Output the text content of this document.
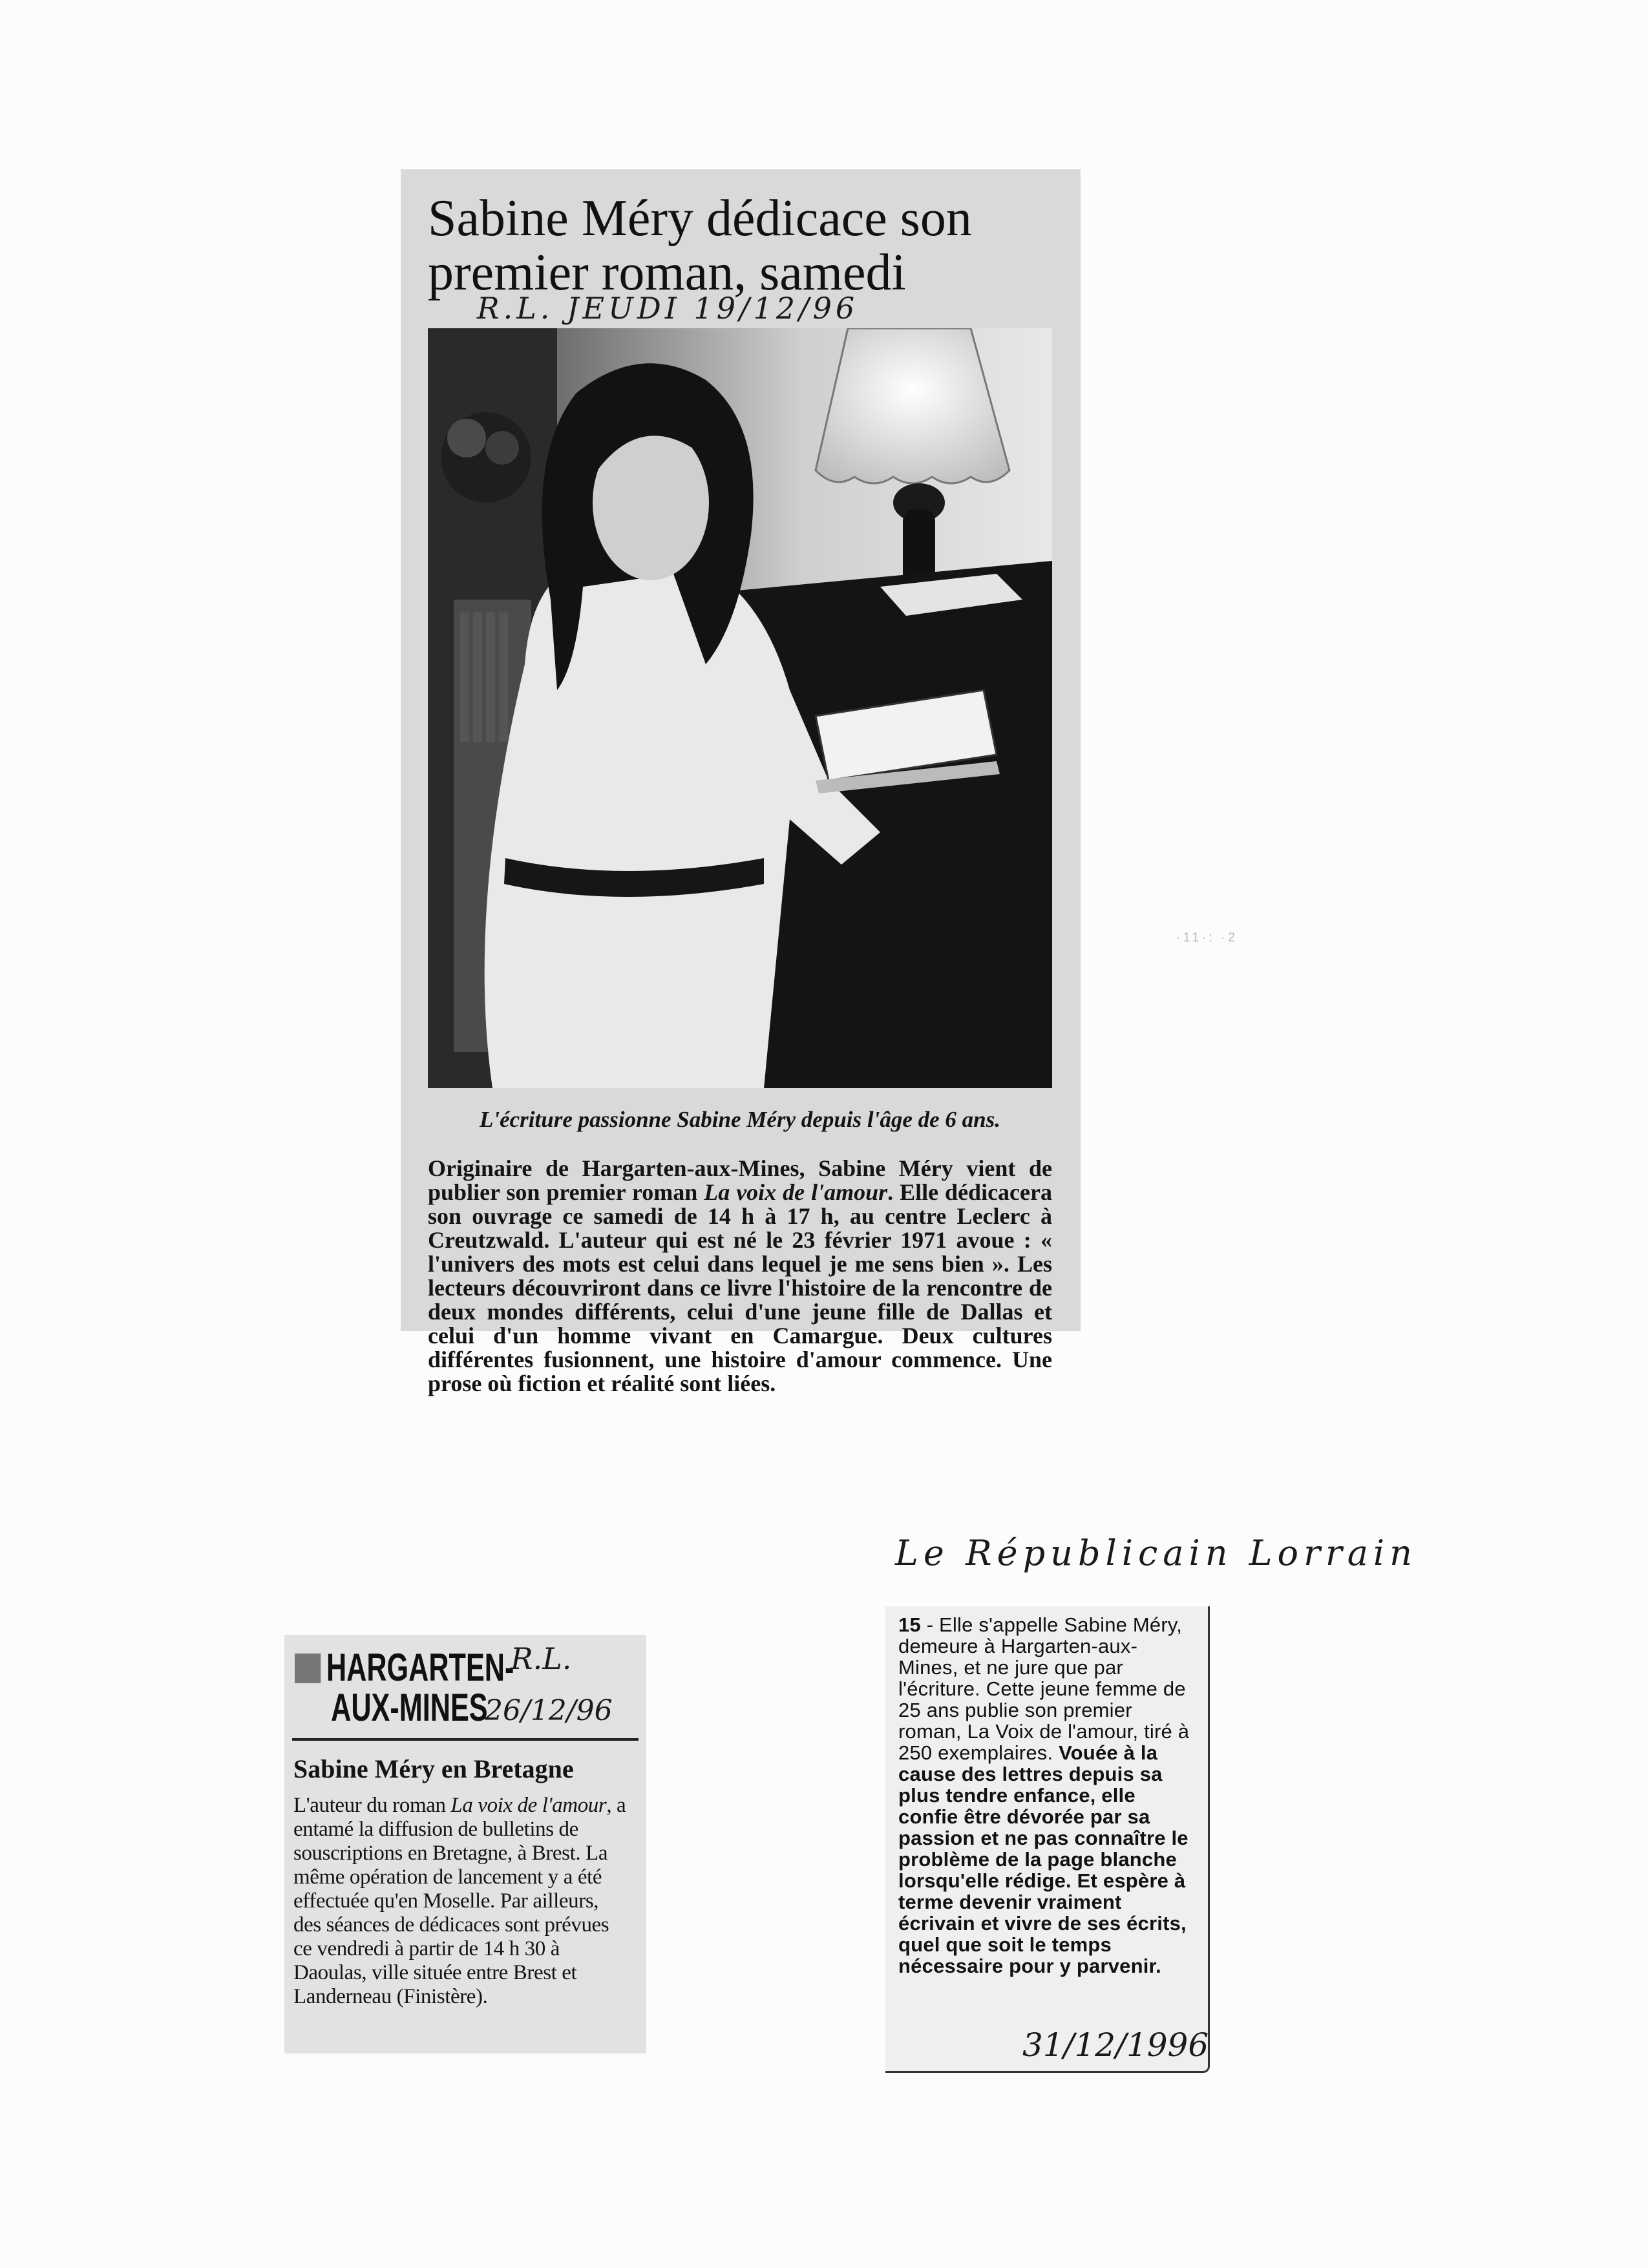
Sabine Méry dédicace son premier roman, samedi
R.L. JEUDI 19/12/96

L'écriture passionne Sabine Méry depuis l'âge de 6 ans.

Originaire de Hargarten-aux-Mines, Sabine Méry vient de publier son premier roman La voix de l'amour. Elle dédicacera son ouvrage ce samedi de 14 h à 17 h, au centre Leclerc à Creutzwald. L'auteur qui est né le 23 février 1971 avoue : « l'univers des mots est celui dans lequel je me sens bien ». Les lecteurs découvriront dans ce livre l'histoire de la rencontre de deux mondes différents, celui d'une jeune fille de Dallas et celui d'un homme vivant en Camargue. Deux cultures différentes fusionnent, une histoire d'amour commence. Une prose où fiction et réalité sont liées.

·11·: ·2
HARGARTEN-
AUX-MINES
R.L.
26/12/96
Sabine Méry en Bretagne

L'auteur du roman La voix de l'amour, a entamé la diffusion de bulletins de souscriptions en Bretagne, à Brest. La même opération de lancement y a été effectuée qu'en Moselle. Par ailleurs, des séances de dédicaces sont prévues ce vendredi à partir de 14 h 30 à Daoulas, ville située entre Brest et Landerneau (Finistère).

Le Républicain Lorrain

15 - Elle s'appelle Sabine Méry, demeure à Hargarten-aux-Mines, et ne jure que par l'écriture. Cette jeune femme de 25 ans publie son premier roman, La Voix de l'amour, tiré à 250 exemplaires. Vouée à la cause des lettres depuis sa plus tendre enfance, elle confie être dévorée par sa passion et ne pas connaître le problème de la page blanche lorsqu'elle rédige. Et espère à terme devenir vraiment écrivain et vivre de ses écrits, quel que soit le temps nécessaire pour y parvenir.

31/12/1996
